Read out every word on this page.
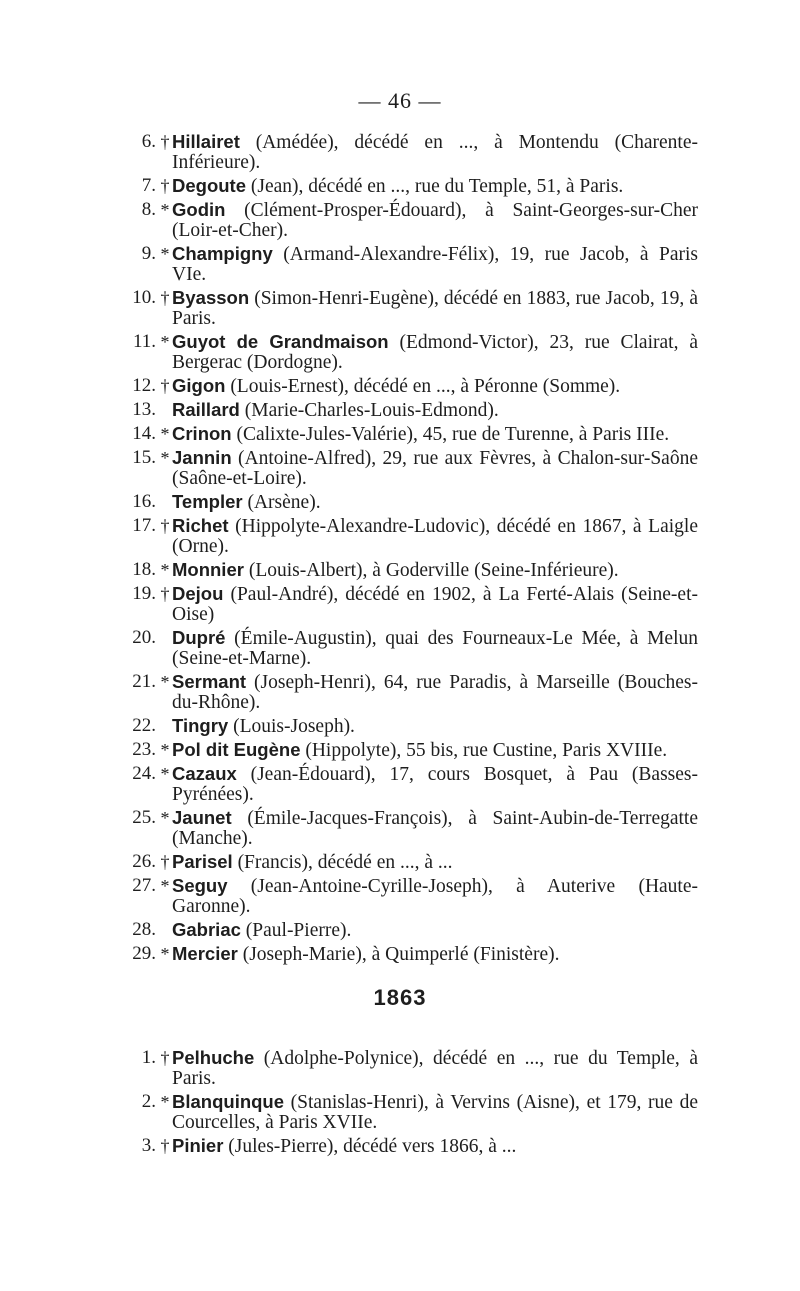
— 46 —
6. † Hillairet (Amédée), décédé en ..., à Montendu (Charente-Inférieure).
7. † Degoute (Jean), décédé en ..., rue du Temple, 51, à Paris.
8. * Godin (Clément-Prosper-Édouard), à Saint-Georges-sur-Cher (Loir-et-Cher).
9. * Champigny (Armand-Alexandre-Félix), 19, rue Jacob, à Paris VIe.
10. † Byasson (Simon-Henri-Eugène), décédé en 1883, rue Jacob, 19, à Paris.
11. * Guyot de Grandmaison (Edmond-Victor), 23, rue Clairat, à Bergerac (Dordogne).
12. † Gigon (Louis-Ernest), décédé en ..., à Péronne (Somme).
13. Raillard (Marie-Charles-Louis-Edmond).
14. * Crinon (Calixte-Jules-Valérie), 45, rue de Turenne, à Paris IIIe.
15. * Jannin (Antoine-Alfred), 29, rue aux Fèvres, à Chalon-sur-Saône (Saône-et-Loire).
16. Templer (Arsène).
17. † Richet (Hippolyte-Alexandre-Ludovic), décédé en 1867, à Laigle (Orne).
18. * Monnier (Louis-Albert), à Goderville (Seine-Inférieure).
19. † Dejou (Paul-André), décédé en 1902, à La Ferté-Alais (Seine-et-Oise)
20. Dupré (Émile-Augustin), quai des Fourneaux-Le Mée, à Melun (Seine-et-Marne).
21. * Sermant (Joseph-Henri), 64, rue Paradis, à Marseille (Bouches-du-Rhône).
22. Tingry (Louis-Joseph).
23. * Pol dit Eugène (Hippolyte), 55 bis, rue Custine, Paris XVIIIe.
24. * Cazaux (Jean-Édouard), 17, cours Bosquet, à Pau (Basses-Pyrénées).
25. * Jaunet (Émile-Jacques-François), à Saint-Aubin-de-Terregatte (Manche).
26. † Parisel (Francis), décédé en ..., à ...
27. * Seguy (Jean-Antoine-Cyrille-Joseph), à Auterive (Haute-Garonne).
28. Gabriac (Paul-Pierre).
29. * Mercier (Joseph-Marie), à Quimperlé (Finistère).
1863
1. † Pelhuche (Adolphe-Polynice), décédé en ..., rue du Temple, à Paris.
2. * Blanquinque (Stanislas-Henri), à Vervins (Aisne), et 179, rue de Courcelles, à Paris XVIIe.
3. † Pinier (Jules-Pierre), décédé vers 1866, à ...
